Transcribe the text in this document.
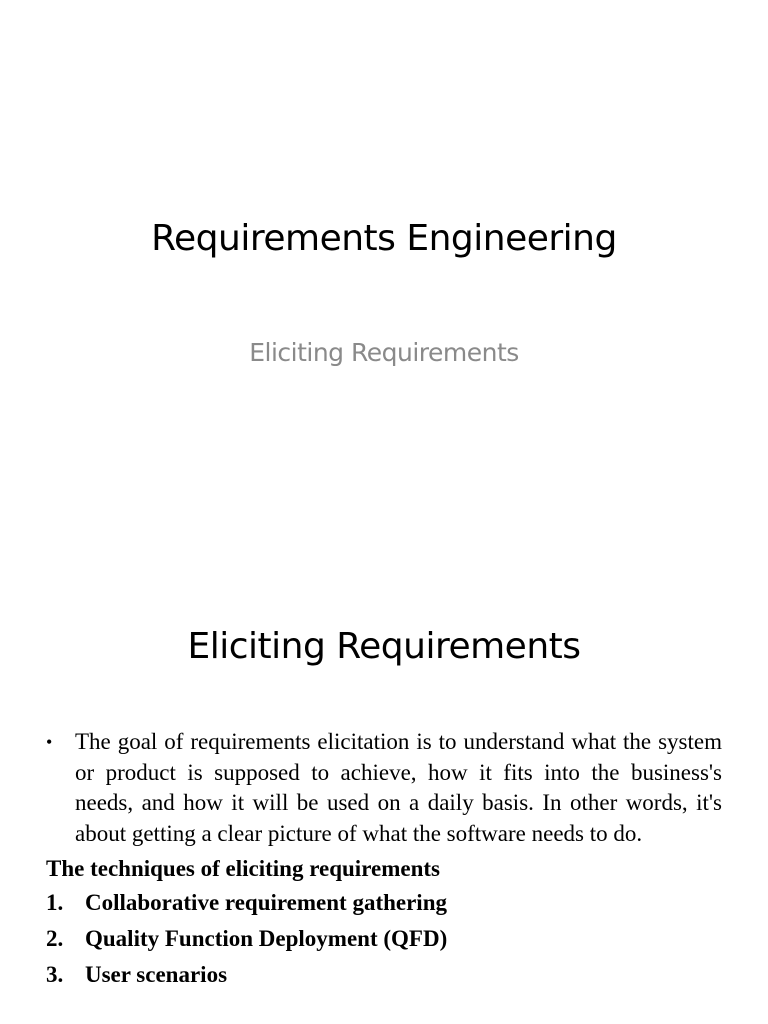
Requirements Engineering

Eliciting Requirements

Eliciting Requirements
• The goal of requirements elicitation is to understand what the system or product is supposed to achieve, how it fits into the business's needs, and how it will be used on a daily basis. In other words, it's about getting a clear picture of what the software needs to do.

The techniques of eliciting requirements

1. Collaborative requirement gathering
2. Quality Function Deployment (QFD)
3. User scenarios
